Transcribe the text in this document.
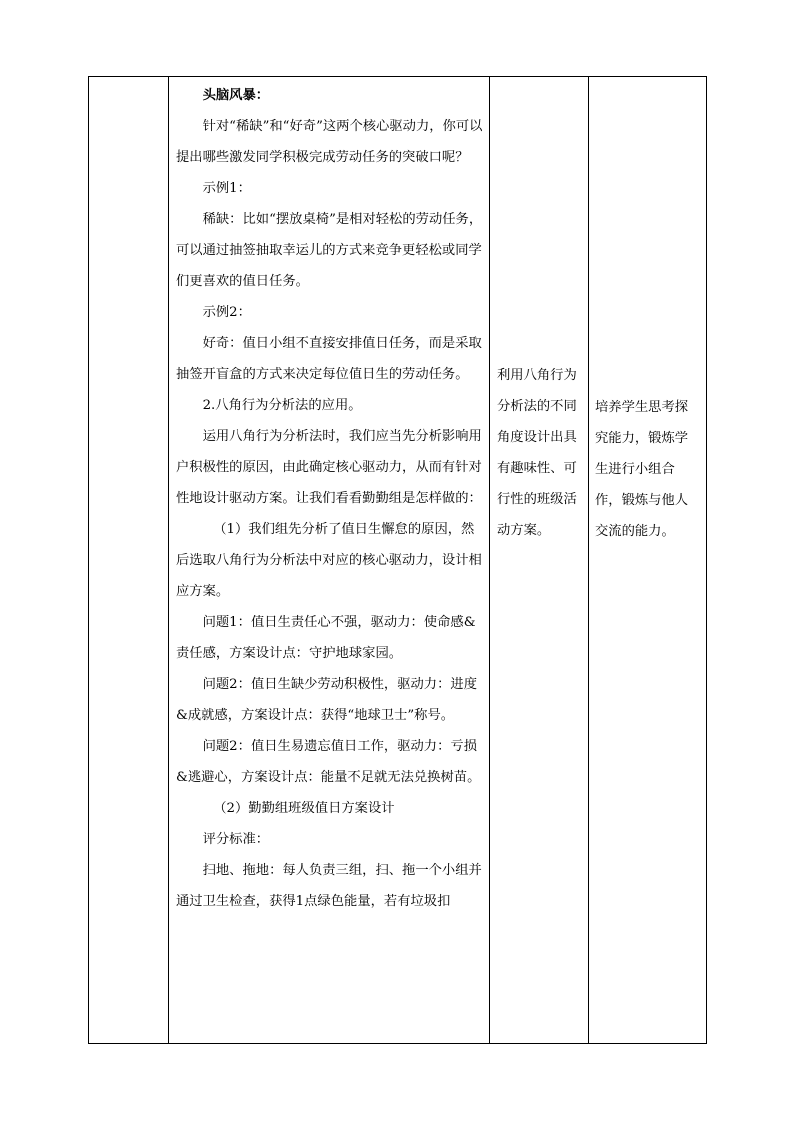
头脑风暴：

针对“稀缺”和“好奇”这两个核心驱动力，你可以提出哪些激发同学积极完成劳动任务的突破口呢？

示例1：

稀缺：比如“摆放桌椅”是相对轻松的劳动任务，可以通过抽签抽取幸运儿的方式来竞争更轻松或同学们更喜欢的值日任务。

示例2：

好奇：值日小组不直接安排值日任务，而是采取抽签开盲盒的方式来决定每位值日生的劳动任务。

2.八角行为分析法的应用。

运用八角行为分析法时，我们应当先分析影响用户积极性的原因，由此确定核心驱动力，从而有针对性地设计驱动方案。让我们看看勤勤组是怎样做的：

（1）我们组先分析了值日生懈怠的原因，然后选取八角行为分析法中对应的核心驱动力，设计相应方案。

问题1：值日生责任心不强，驱动力：使命感&责任感，方案设计点：守护地球家园。

问题2：值日生缺少劳动积极性，驱动力：进度&成就感，方案设计点：获得“地球卫士”称号。

问题2：值日生易遗忘值日工作，驱动力：亏损&逃避心，方案设计点：能量不足就无法兑换树苗。

（2）勤勤组班级值日方案设计

评分标准：

扫地、拖地：每人负责三组，扫、拖一个小组并通过卫生检查，获得1点绿色能量，若有垃圾扣

利用八角行为分析法的不同角度设计出具有趣味性、可行性的班级活动方案。
培养学生思考探究能力，锻炼学生进行小组合作，锻炼与他人交流的能力。
